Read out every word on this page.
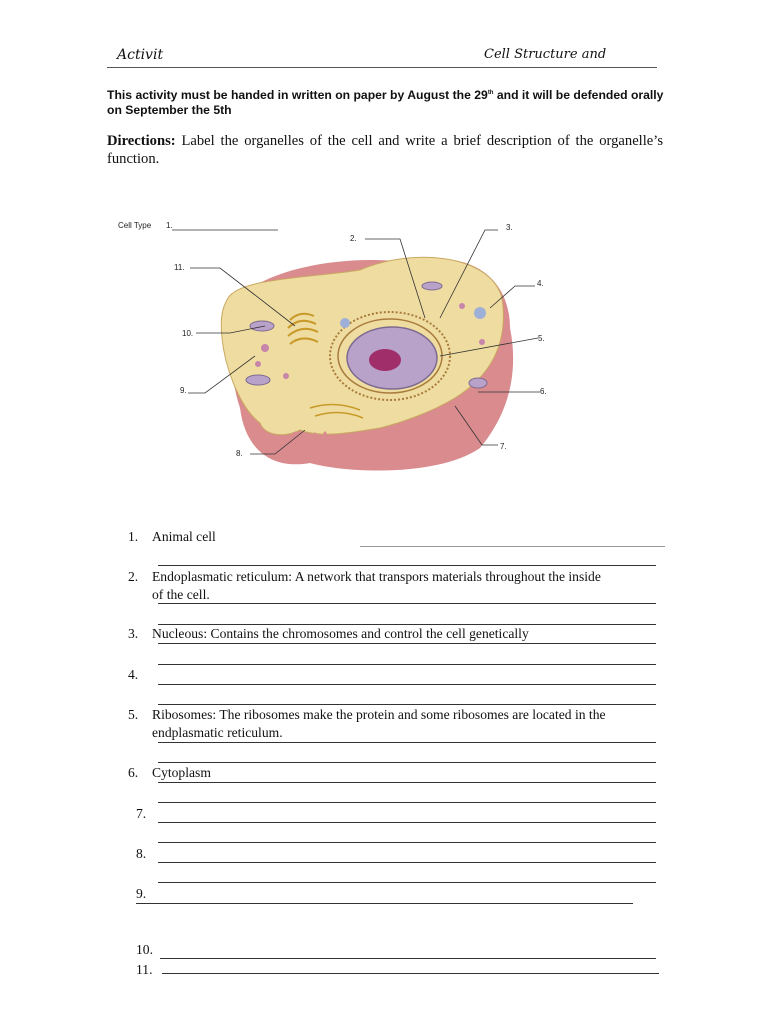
Activit	Cell Structure and
This activity must be handed in written on paper by August the 29th and it will be defended orally on September the 5th
Directions: Label the organelles of the cell and write a brief description of the organelle’s function.
Cell Type 1.
2.
3.
4.
5.
6.
7.
8.
9.
10.
11.
1. Animal cell
2. Endoplasmatic reticulum: A network that transpors materials throughout the inside
of the cell.
3. Nucleous: Contains the chromosomes and control the cell genetically
4.
5. Ribosomes: The ribosomes make the protein and some ribosomes are located in the
endplasmatic reticulum.
6. Cytoplasm
7.
8.
9.
10.
11.
